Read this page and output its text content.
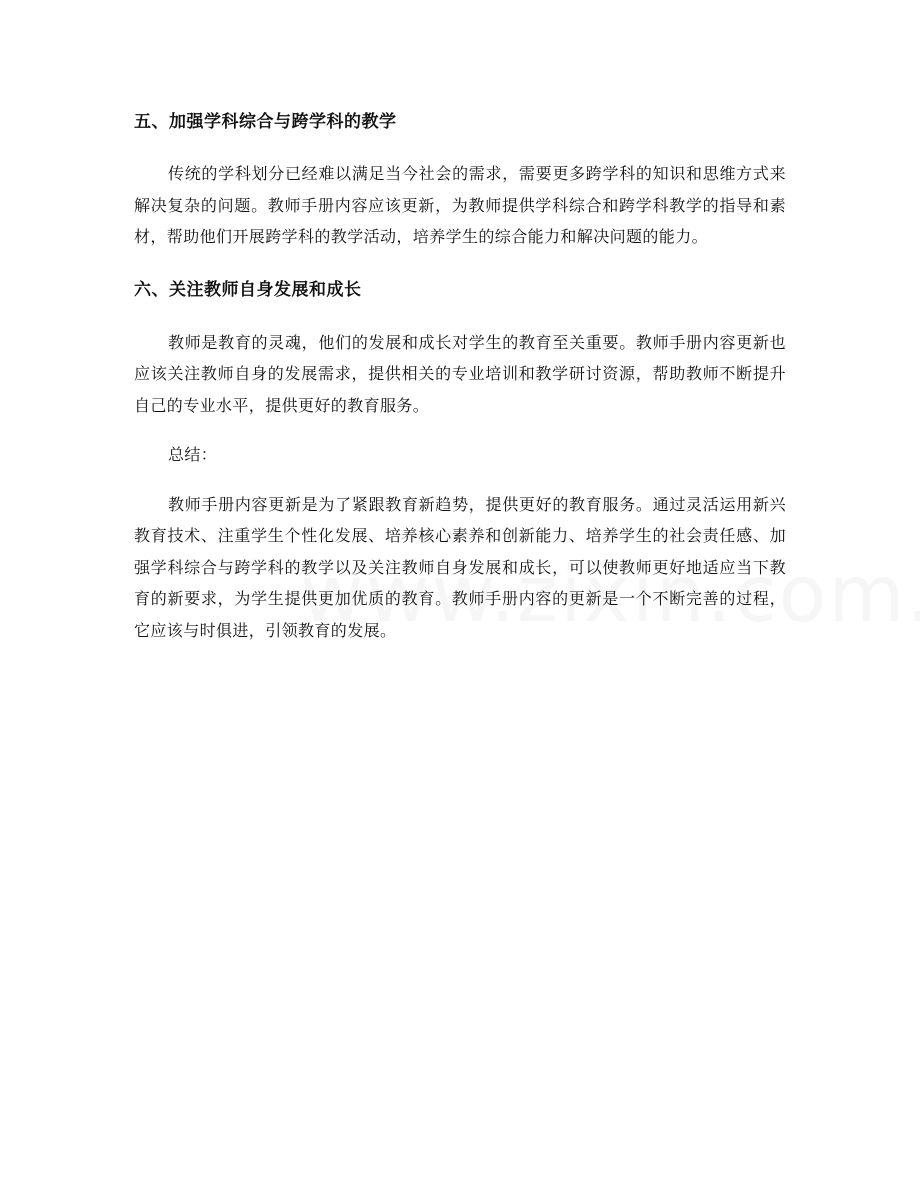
五、加强学科综合与跨学科的教学

传统的学科划分已经难以满足当今社会的需求，需要更多跨学科的知识和思维方式来解决复杂的问题。教师手册内容应该更新，为教师提供学科综合和跨学科教学的指导和素材，帮助他们开展跨学科的教学活动，培养学生的综合能力和解决问题的能力。

六、关注教师自身发展和成长

教师是教育的灵魂，他们的发展和成长对学生的教育至关重要。教师手册内容更新也应该关注教师自身的发展需求，提供相关的专业培训和教学研讨资源，帮助教师不断提升自己的专业水平，提供更好的教育服务。

总结：

教师手册内容更新是为了紧跟教育新趋势，提供更好的教育服务。通过灵活运用新兴教育技术、注重学生个性化发展、培养核心素养和创新能力、培养学生的社会责任感、加强学科综合与跨学科的教学以及关注教师自身发展和成长，可以使教师更好地适应当下教育的新要求，为学生提供更加优质的教育。教师手册内容的更新是一个不断完善的过程，它应该与时俱进，引领教育的发展。
